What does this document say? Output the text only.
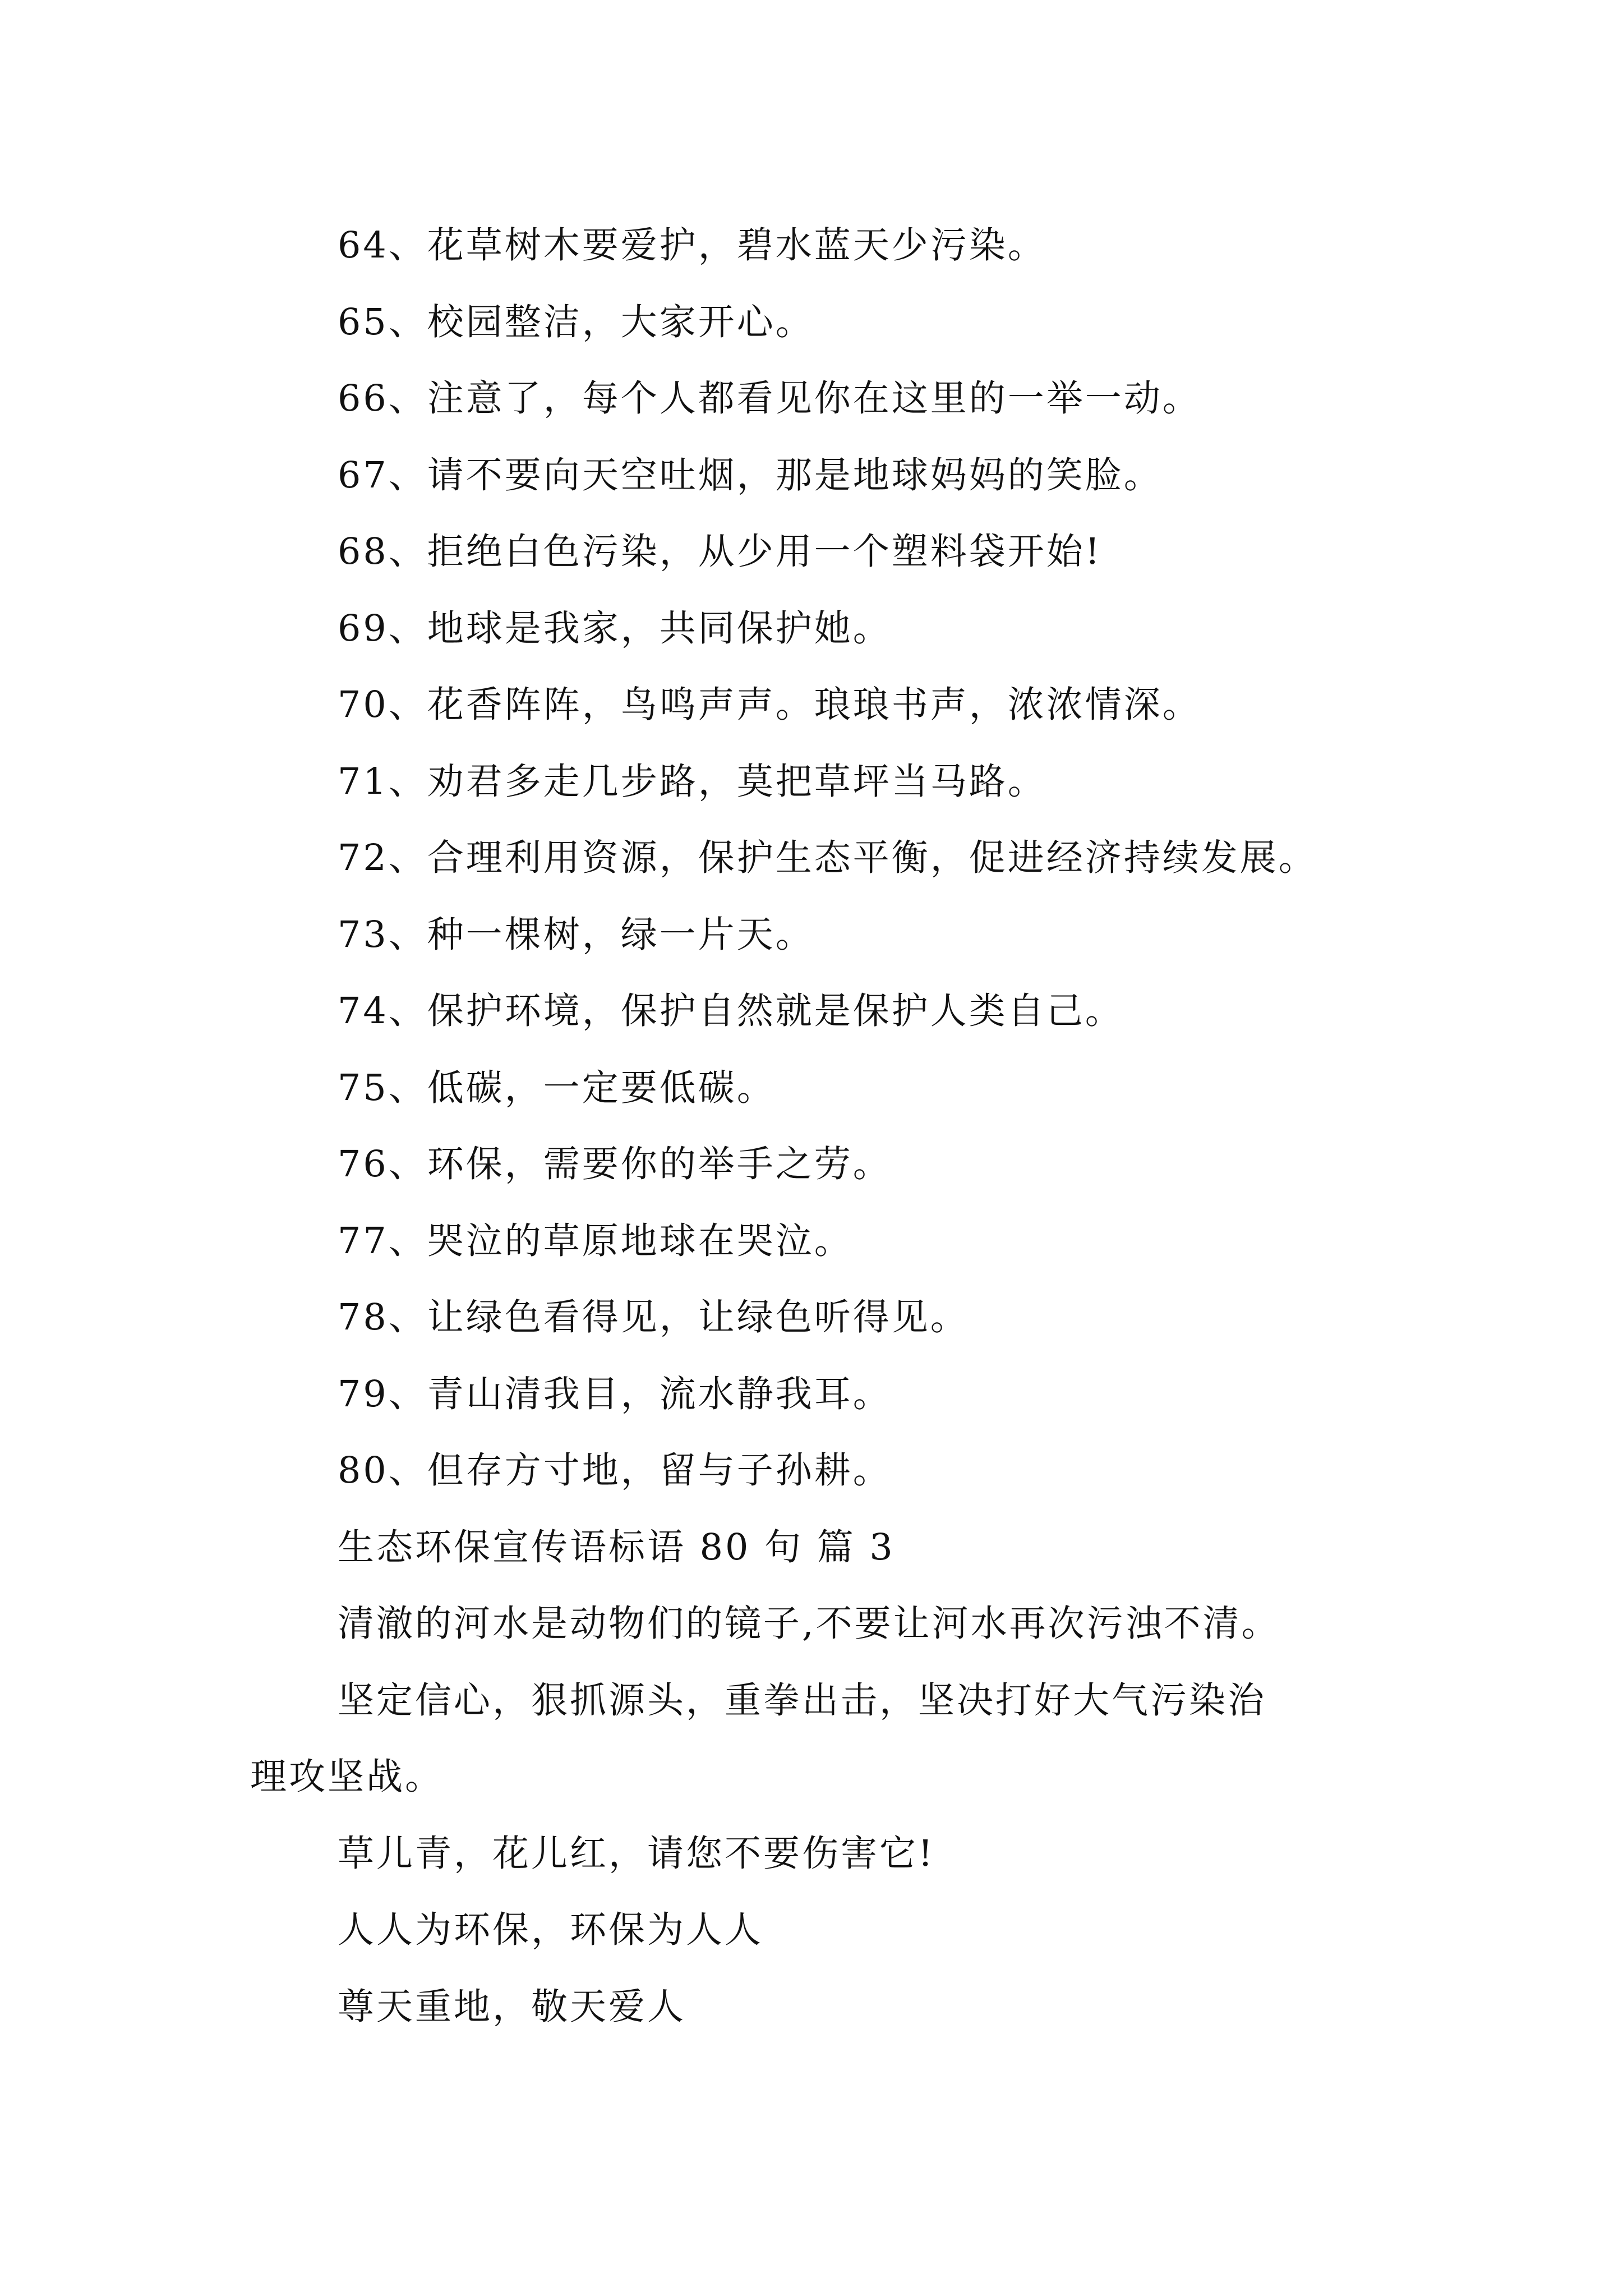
64、花草树木要爱护，碧水蓝天少污染。
65、校园整洁，大家开心。
66、注意了，每个人都看见你在这里的一举一动。
67、请不要向天空吐烟，那是地球妈妈的笑脸。
68、拒绝白色污染，从少用一个塑料袋开始!
69、地球是我家，共同保护她。
70、花香阵阵，鸟鸣声声。琅琅书声，浓浓情深。
71、劝君多走几步路，莫把草坪当马路。
72、合理利用资源，保护生态平衡，促进经济持续发展。
73、种一棵树，绿一片天。
74、保护环境，保护自然就是保护人类自己。
75、低碳，一定要低碳。
76、环保，需要你的举手之劳。
77、哭泣的草原地球在哭泣。
78、让绿色看得见，让绿色听得见。
79、青山清我目，流水静我耳。
80、但存方寸地，留与子孙耕。
生态环保宣传语标语 80 句 篇 3
清澈的河水是动物们的镜子,不要让河水再次污浊不清。
坚定信心，狠抓源头，重拳出击，坚决打好大气污染治
理攻坚战。
草儿青，花儿红，请您不要伤害它!
人人为环保，环保为人人
尊天重地，敬天爱人
